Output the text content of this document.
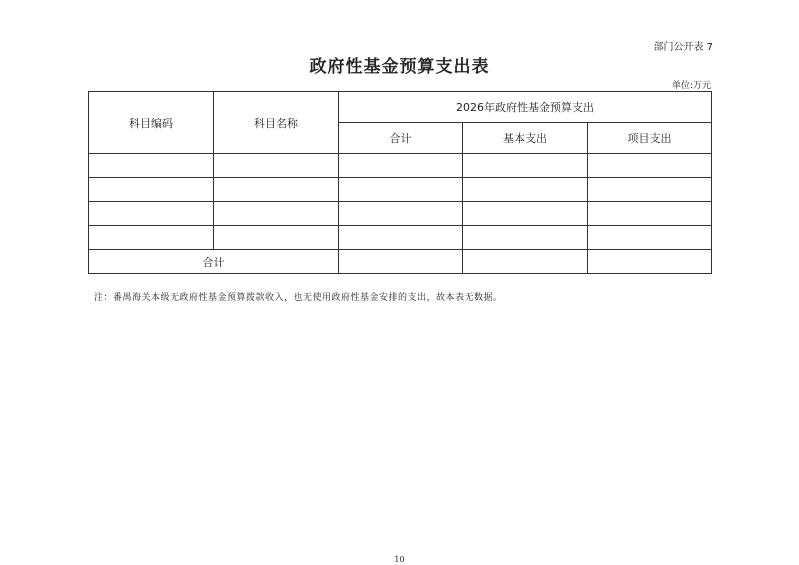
部门公开表 7
政府性基金预算支出表
单位:万元
科目编码	科目名称	2026年政府性基金预算支出		
		合计	基本支出	项目支出

合计				
注：番禺海关本级无政府性基金预算拨款收入，也无使用政府性基金安排的支出，故本表无数据。
10
